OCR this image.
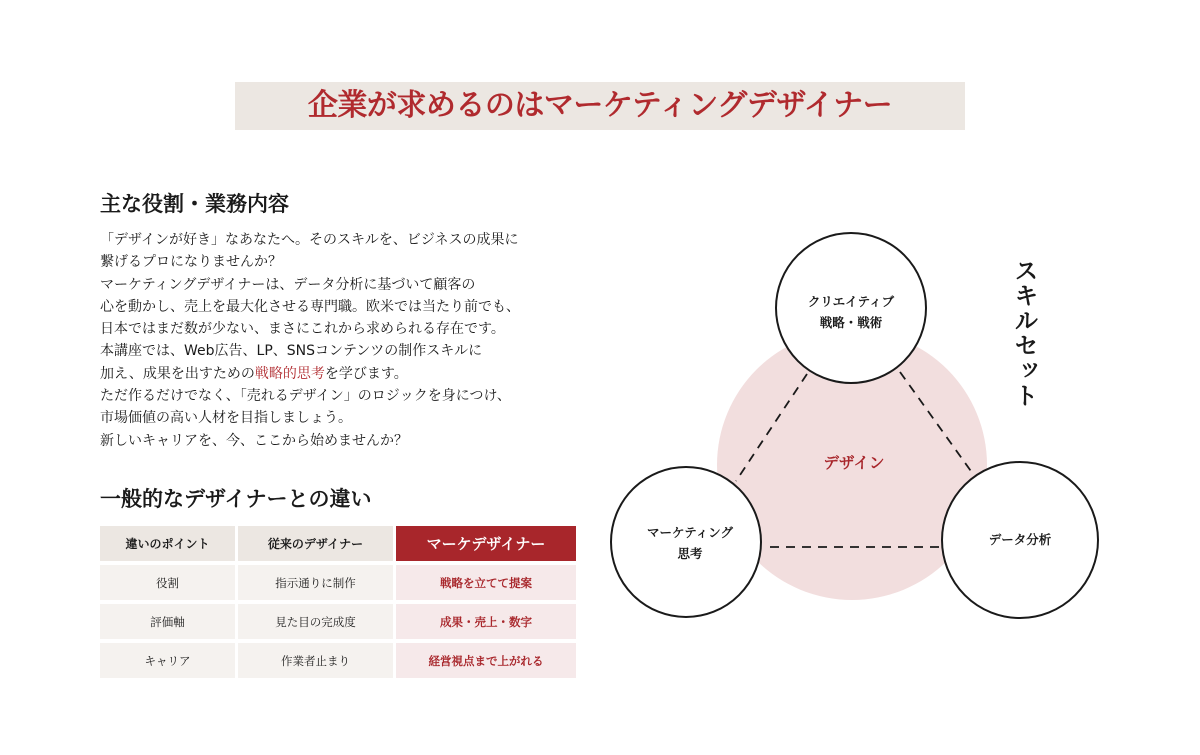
企業が求めるのはマーケティングデザイナー
主な役割・業務内容
「デザインが好き」なあなたへ。そのスキルを、ビジネスの成果に
繋げるプロになりませんか？
マーケティングデザイナーは、データ分析に基づいて顧客の
心を動かし、売上を最大化させる専門職。欧米では当たり前でも、
日本ではまだ数が少ない、まさにこれから求められる存在です。
本講座では、Web広告、LP、SNSコンテンツの制作スキルに
加え、成果を出すための戦略的思考を学びます。
ただ作るだけでなく、「売れるデザイン」のロジックを身につけ、
市場価値の高い人材を目指しましょう。
新しいキャリアを、今、ここから始めませんか？
一般的なデザイナーとの違い
違いのポイント	従来のデザイナー	マーケデザイナー
役割	指示通りに制作	戦略を立てて提案
評価軸	見た目の完成度	成果・売上・数字
キャリア	作業者止まり	経営視点まで上がれる
クリエイティブ
戦略・戦術
マーケティング
思考
データ分析
デザイン
スキルセット
